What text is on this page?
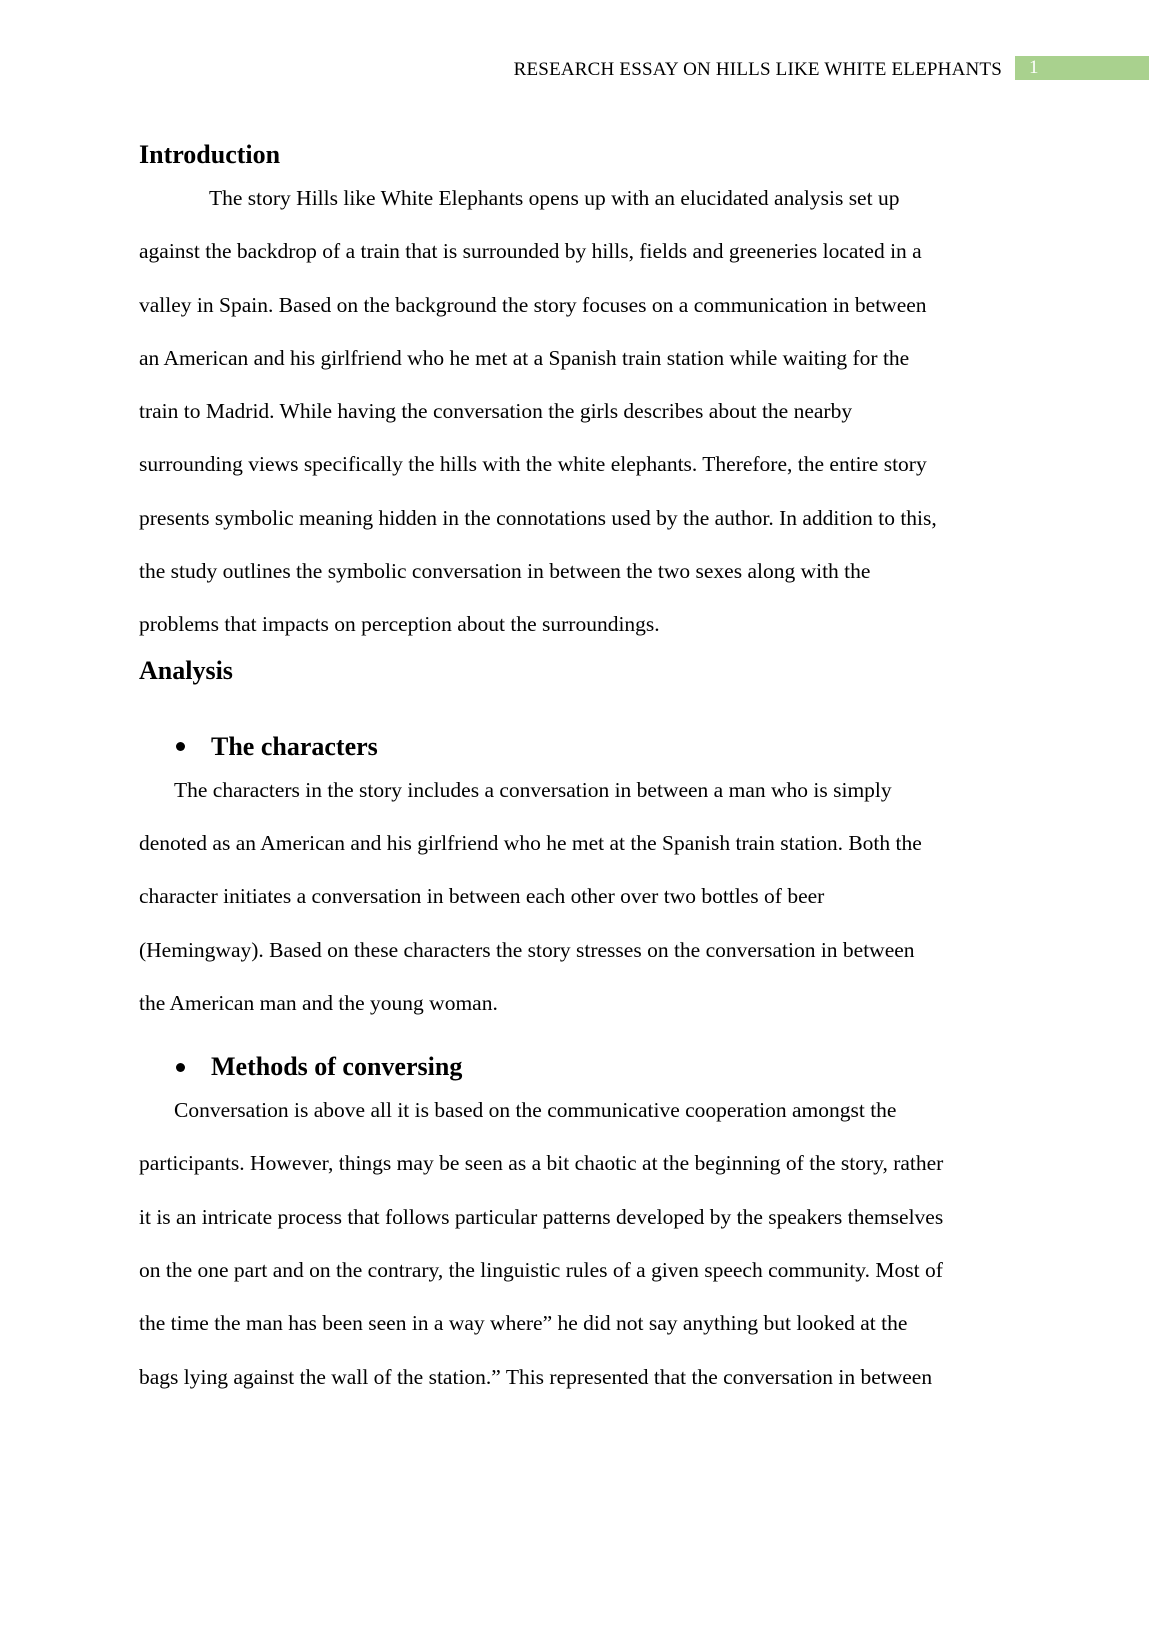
RESEARCH ESSAY ON HILLS LIKE WHITE ELEPHANTS 1
Introduction

The story Hills like White Elephants opens up with an elucidated analysis set up
against the backdrop of a train that is surrounded by hills, fields and greeneries located in a
valley in Spain. Based on the background the story focuses on a communication in between
an American and his girlfriend who he met at a Spanish train station while waiting for the
train to Madrid. While having the conversation the girls describes about the nearby
surrounding views specifically the hills with the white elephants. Therefore, the entire story
presents symbolic meaning hidden in the connotations used by the author. In addition to this,
the study outlines the symbolic conversation in between the two sexes along with the
problems that impacts on perception about the surroundings.

Analysis
The characters

The characters in the story includes a conversation in between a man who is simply
denoted as an American and his girlfriend who he met at the Spanish train station. Both the
character initiates a conversation in between each other over two bottles of beer
(Hemingway). Based on these characters the story stresses on the conversation in between
the American man and the young woman.

Methods of conversing

Conversation is above all it is based on the communicative cooperation amongst the
participants. However, things may be seen as a bit chaotic at the beginning of the story, rather
it is an intricate process that follows particular patterns developed by the speakers themselves
on the one part and on the contrary, the linguistic rules of a given speech community. Most of
the time the man has been seen in a way where” he did not say anything but looked at the
bags lying against the wall of the station.” This represented that the conversation in between
